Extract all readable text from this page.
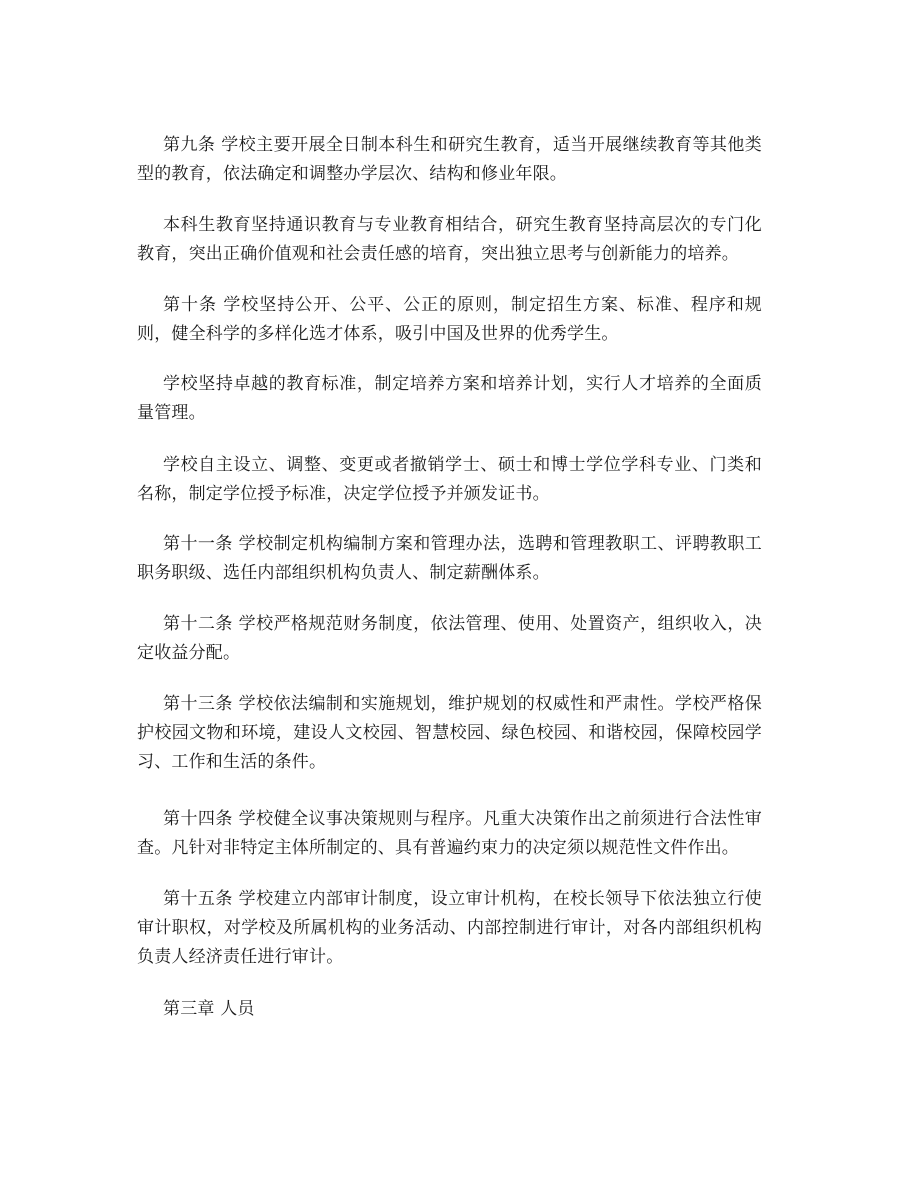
第九条 学校主要开展全日制本科生和研究生教育，适当开展继续教育等其他类型的教育，依法确定和调整办学层次、结构和修业年限。

本科生教育坚持通识教育与专业教育相结合，研究生教育坚持高层次的专门化教育，突出正确价值观和社会责任感的培育，突出独立思考与创新能力的培养。

第十条 学校坚持公开、公平、公正的原则，制定招生方案、标准、程序和规则，健全科学的多样化选才体系，吸引中国及世界的优秀学生。

学校坚持卓越的教育标准，制定培养方案和培养计划，实行人才培养的全面质量管理。

学校自主设立、调整、变更或者撤销学士、硕士和博士学位学科专业、门类和名称，制定学位授予标准，决定学位授予并颁发证书。

第十一条 学校制定机构编制方案和管理办法，选聘和管理教职工、评聘教职工职务职级、选任内部组织机构负责人、制定薪酬体系。

第十二条 学校严格规范财务制度，依法管理、使用、处置资产，组织收入，决定收益分配。

第十三条 学校依法编制和实施规划，维护规划的权威性和严肃性。学校严格保护校园文物和环境，建设人文校园、智慧校园、绿色校园、和谐校园，保障校园学习、工作和生活的条件。

第十四条 学校健全议事决策规则与程序。凡重大决策作出之前须进行合法性审查。凡针对非特定主体所制定的、具有普遍约束力的决定须以规范性文件作出。

第十五条 学校建立内部审计制度，设立审计机构，在校长领导下依法独立行使审计职权，对学校及所属机构的业务活动、内部控制进行审计，对各内部组织机构负责人经济责任进行审计。

第三章 人员
